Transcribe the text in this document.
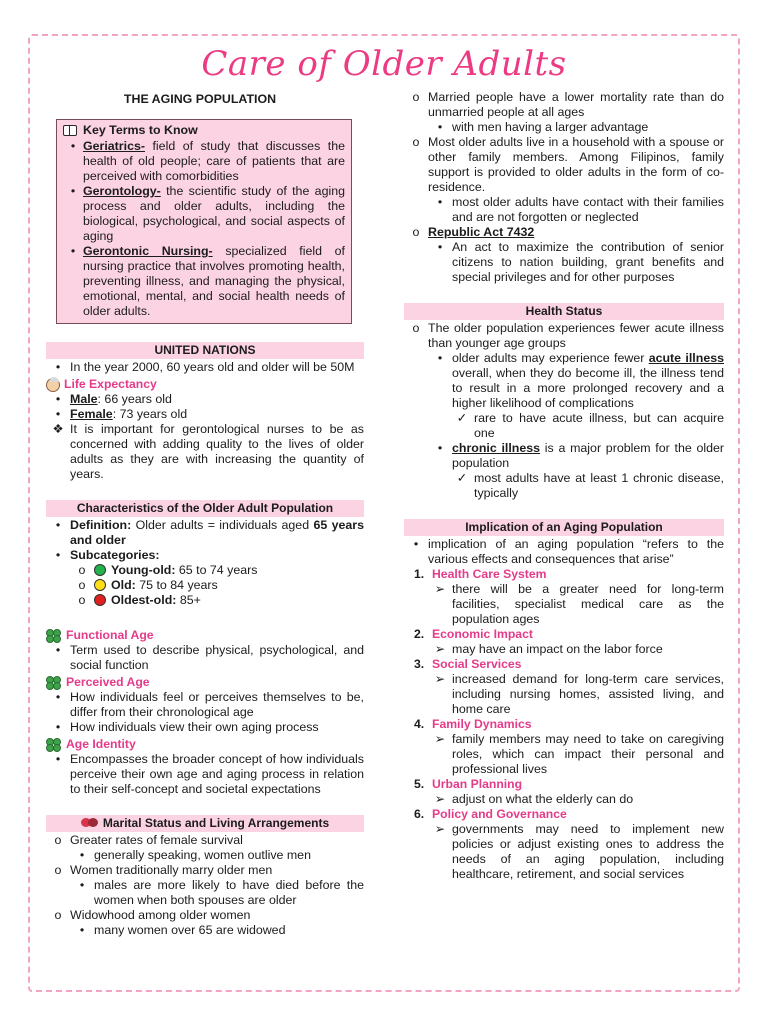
Care of Older Adults
THE AGING POPULATION
Key Terms to Know
• Geriatrics- field of study that discusses the health of old people; care of patients that are perceived with comorbidities
• Gerontology- the scientific study of the aging process and older adults, including the biological, psychological, and social aspects of aging
• Gerontonic Nursing- specialized field of nursing practice that involves promoting health, preventing illness, and managing the physical, emotional, mental, and social health needs of older adults.
UNITED NATIONS
• In the year 2000, 60 years old and older will be 50M
Life Expectancy
• Male: 66 years old
• Female: 73 years old
❖ It is important for gerontological nurses to be as concerned with adding quality to the lives of older adults as they are with increasing the quantity of years.
Characteristics of the Older Adult Population
• Definition: Older adults = individuals aged 65 years and older
• Subcategories:
o	Young-old: 65 to 74 years
o	Old: 75 to 84 years
o	Oldest-old: 85+
Functional Age
• Term used to describe physical, psychological, and social function
Perceived Age
• How individuals feel or perceives themselves to be, differ from their chronological age
• How individuals view their own aging process
Age Identity
• Encompasses the broader concept of how individuals perceive their own age and aging process in relation to their self-concept and societal expectations
Marital Status and Living Arrangements
o Greater rates of female survival
• generally speaking, women outlive men
o Women traditionally marry older men
• males are more likely to have died before the women when both spouses are older
o Widowhood among older women
• many women over 65 are widowed
o Married people have a lower mortality rate than do unmarried people at all ages
• with men having a larger advantage
o Most older adults live in a household with a spouse or other family members. Among Filipinos, family support is provided to older adults in the form of co-residence.
• most older adults have contact with their families and are not forgotten or neglected
o Republic Act 7432
• An act to maximize the contribution of senior citizens to nation building, grant benefits and special privileges and for other purposes
Health Status
o The older population experiences fewer acute illness than younger age groups
• older adults may experience fewer acute illness overall, when they do become ill, the illness tend to result in a more prolonged recovery and a higher likelihood of complications
✓ rare to have acute illness, but can acquire one
• chronic illness is a major problem for the older population
✓ most adults have at least 1 chronic disease, typically
Implication of an Aging Population
• implication of an aging population “refers to the various effects and consequences that arise”
1. Health Care System
➢ there will be a greater need for long-term facilities, specialist medical care as the population ages
2. Economic Impact
➢ may have an impact on the labor force
3. Social Services
➢ increased demand for long-term care services, including nursing homes, assisted living, and home care
4. Family Dynamics
➢ family members may need to take on caregiving roles, which can impact their personal and professional lives
5. Urban Planning
➢ adjust on what the elderly can do
6. Policy and Governance
➢ governments may need to implement new policies or adjust existing ones to address the needs of an aging population, including healthcare, retirement, and social services
